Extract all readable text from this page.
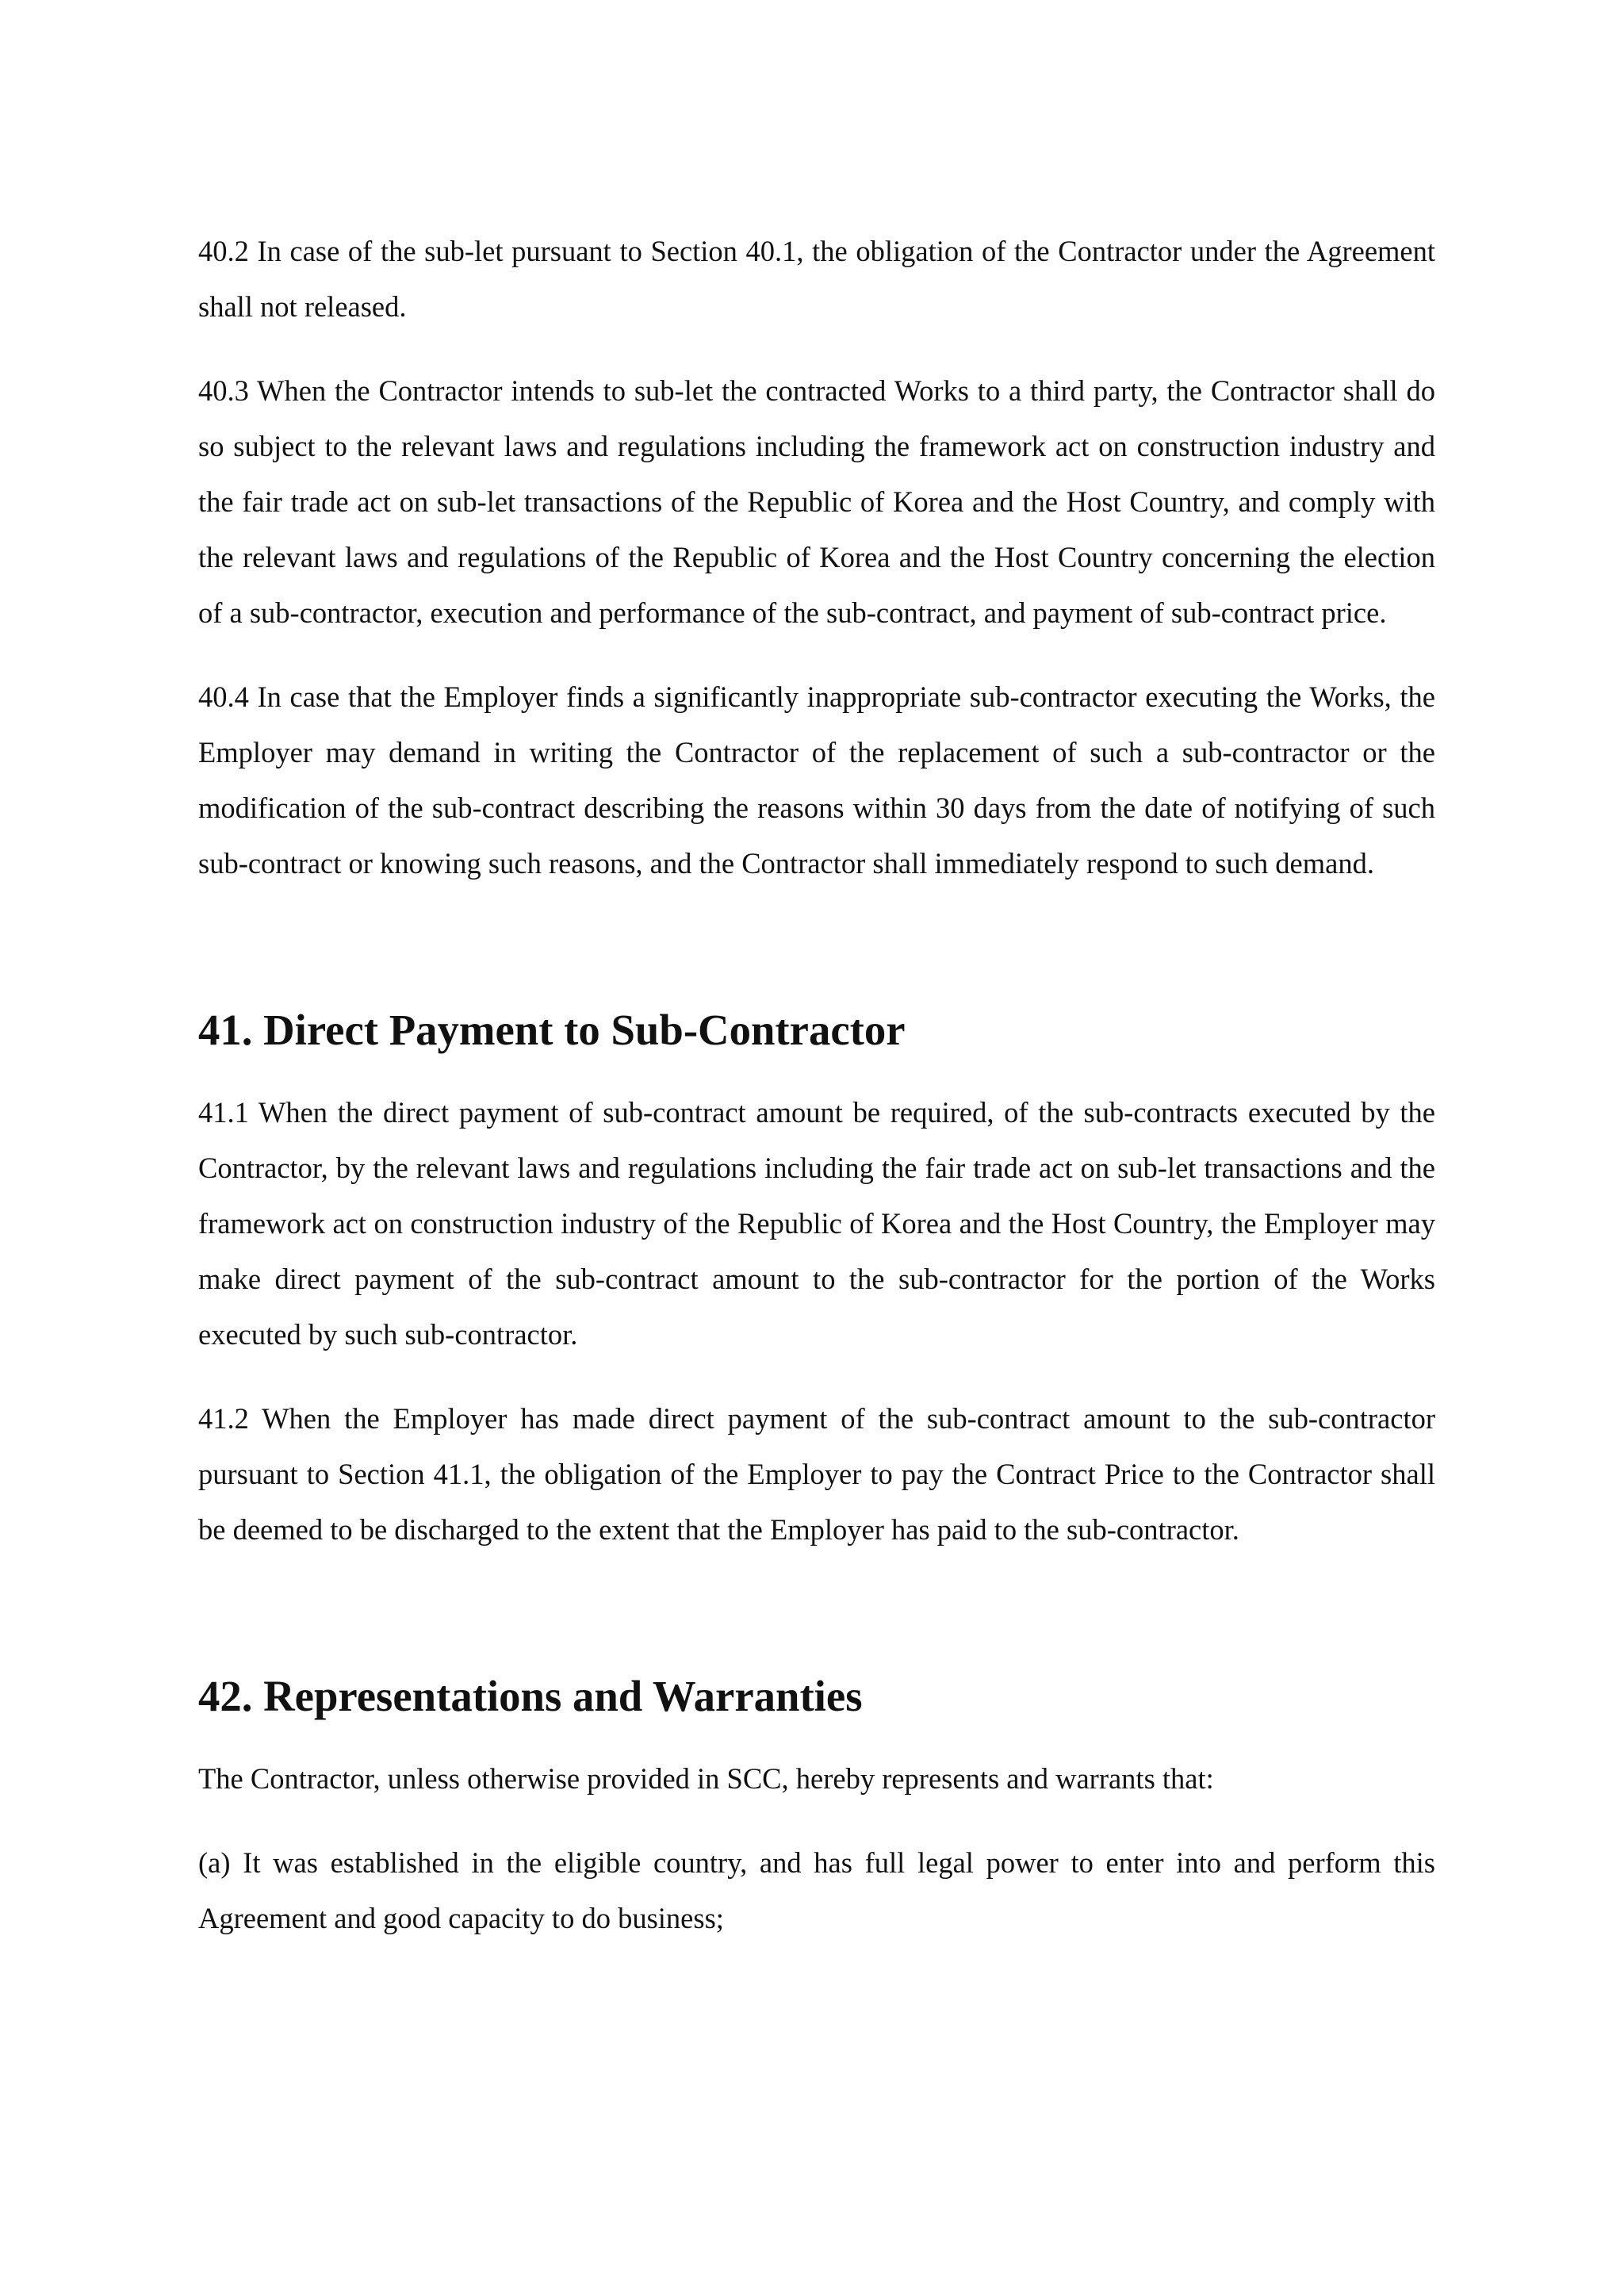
40.2 In case of the sub-let pursuant to Section 40.1, the obligation of the Contractor under the Agreement shall not released.

40.3 When the Contractor intends to sub-let the contracted Works to a third party, the Contractor shall do so subject to the relevant laws and regulations including the framework act on construction industry and the fair trade act on sub-let transactions of the Republic of Korea and the Host Country, and comply with the relevant laws and regulations of the Republic of Korea and the Host Country concerning the election of a sub-contractor, execution and performance of the sub-contract, and payment of sub-contract price.

40.4 In case that the Employer finds a significantly inappropriate sub-contractor executing the Works, the Employer may demand in writing the Contractor of the replacement of such a sub-contractor or the modification of the sub-contract describing the reasons within 30 days from the date of notifying of such sub-contract or knowing such reasons, and the Contractor shall immediately respond to such demand.

41. Direct Payment to Sub-Contractor

41.1 When the direct payment of sub-contract amount be required, of the sub-contracts executed by the Contractor, by the relevant laws and regulations including the fair trade act on sub-let transactions and the framework act on construction industry of the Republic of Korea and the Host Country, the Employer may make direct payment of the sub-contract amount to the sub-contractor for the portion of the Works executed by such sub-contractor.

41.2 When the Employer has made direct payment of the sub-contract amount to the sub-contractor pursuant to Section 41.1, the obligation of the Employer to pay the Contract Price to the Contractor shall be deemed to be discharged to the extent that the Employer has paid to the sub-contractor.

42. Representations and Warranties

The Contractor, unless otherwise provided in SCC, hereby represents and warrants that:

(a) It was established in the eligible country, and has full legal power to enter into and perform this Agreement and good capacity to do business;
